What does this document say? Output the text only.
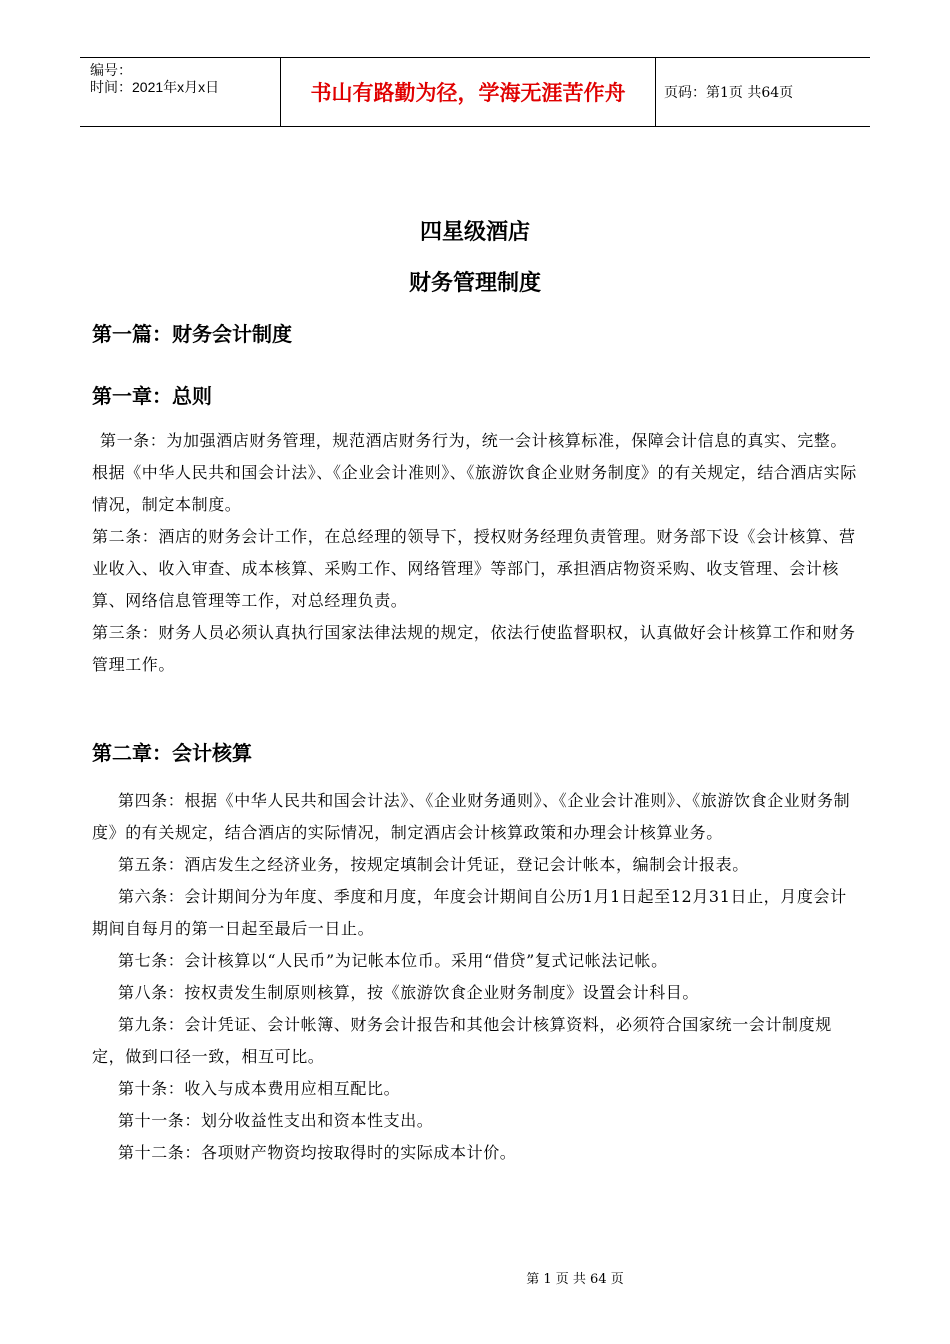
编号：
时间：2021年x月x日	书山有路勤为径，学海无涯苦作舟	页码：第1页 共64页
四星级酒店
财务管理制度
第一篇：财务会计制度
第一章：总则

第一条：为加强酒店财务管理，规范酒店财务行为，统一会计核算标准，保障会计信息的真实、完整。根据《中华人民共和国会计法》、《企业会计准则》、《旅游饮食企业财务制度》的有关规定，结合酒店实际情况，制定本制度。

第二条：酒店的财务会计工作，在总经理的领导下，授权财务经理负责管理。财务部下设《会计核算、营业收入、收入审查、成本核算、采购工作、网络管理》等部门，承担酒店物资采购、收支管理、会计核算、网络信息管理等工作，对总经理负责。

第三条：财务人员必须认真执行国家法律法规的规定，依法行使监督职权，认真做好会计核算工作和财务管理工作。

第二章：会计核算

第四条：根据《中华人民共和国会计法》、《企业财务通则》、《企业会计准则》、《旅游饮食企业财务制度》的有关规定，结合酒店的实际情况，制定酒店会计核算政策和办理会计核算业务。

第五条：酒店发生之经济业务，按规定填制会计凭证，登记会计帐本，编制会计报表。

第六条：会计期间分为年度、季度和月度，年度会计期间自公历1月1日起至12月31日止，月度会计期间自每月的第一日起至最后一日止。

第七条：会计核算以“人民币”为记帐本位币。采用“借贷”复式记帐法记帐。

第八条：按权责发生制原则核算，按《旅游饮食企业财务制度》设置会计科目。

第九条：会计凭证、会计帐簿、财务会计报告和其他会计核算资料，必须符合国家统一会计制度规定，做到口径一致，相互可比。

第十条：收入与成本费用应相互配比。

第十一条：划分收益性支出和资本性支出。

第十二条：各项财产物资均按取得时的实际成本计价。

第 1 页 共 64 页
